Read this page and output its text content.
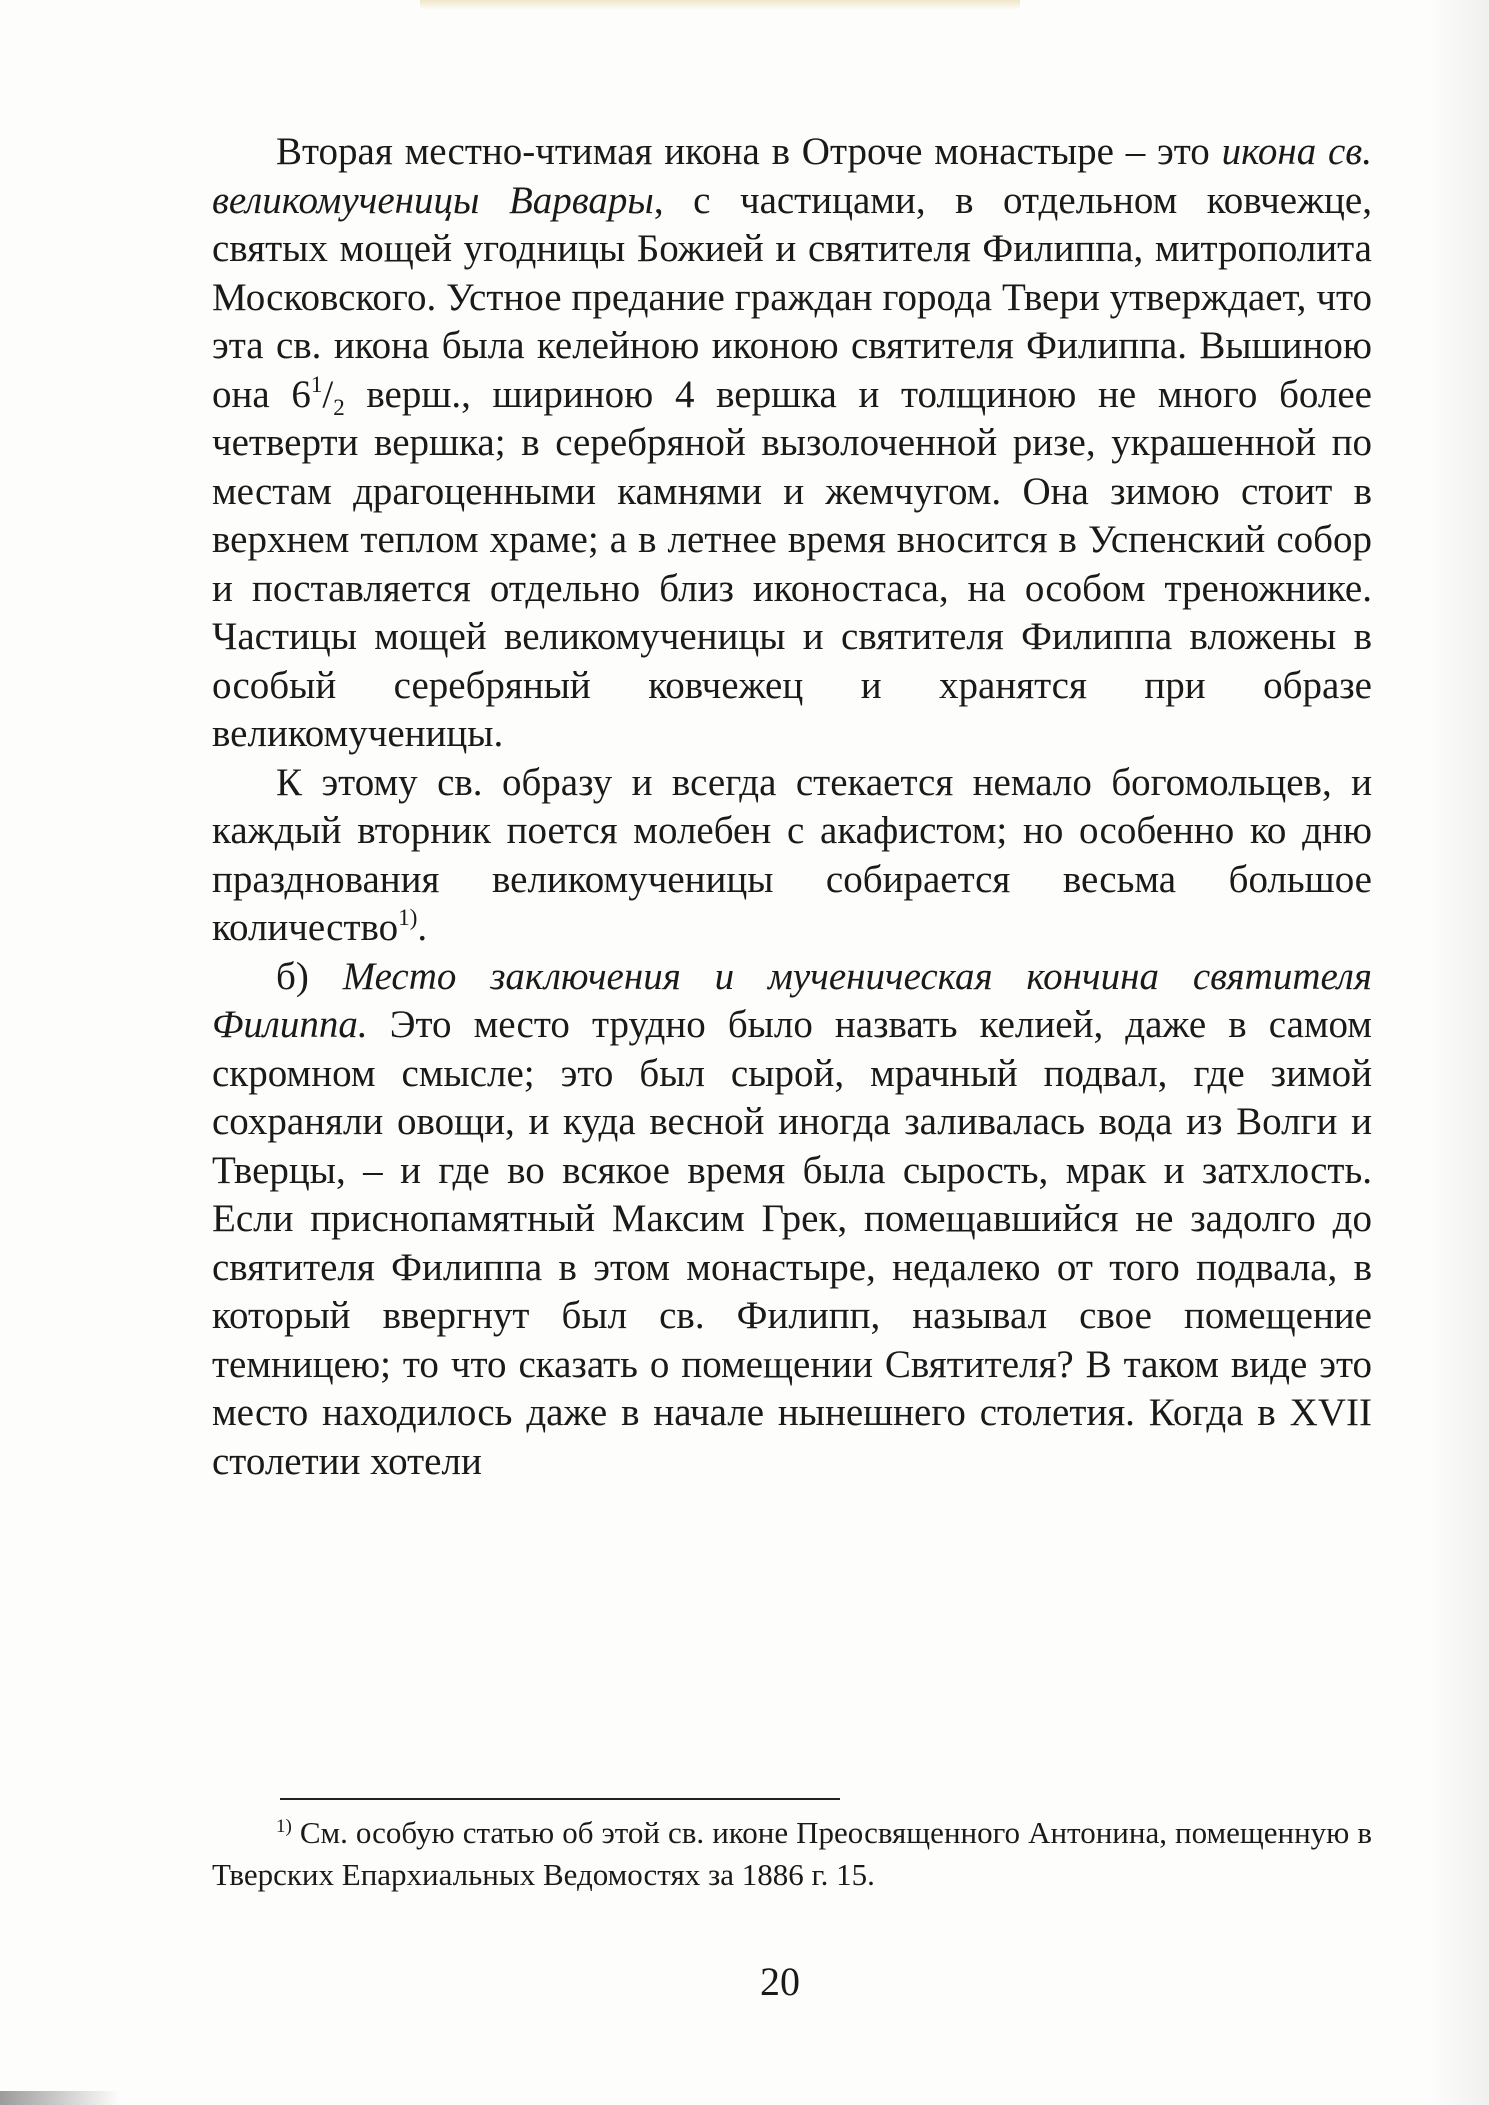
Вторая местно-чтимая икона в Отроче монастыре – это икона св. великомученицы Варвары, с частицами, в отдельном ковчежце, святых мощей угодницы Божией и святителя Филиппа, митрополита Московского. Устное предание граждан города Твери утверждает, что эта св. икона была келейною иконою святителя Филиппа. Вышиною она $6^1/_2$ верш., шириною 4 вершка и толщиною не много более четверти вершка; в серебряной вызолоченной ризе, украшенной по местам драгоценными камнями и жемчугом. Она зимою стоит в верхнем теплом храме; а в летнее время вносится в Успенский собор и поставляется отдельно близ иконостаса, на особом треножнике. Частицы мощей великомученицы и святителя Филиппа вложены в особый серебряный ковчежец и хранятся при образе великомученицы.

К этому св. образу и всегда стекается немало богомольцев, и каждый вторник поется молебен с акафистом; но особенно ко дню празднования великомученицы собирается весьма большое количество$^{1)}$.

б) Место заключения и мученическая кончина святителя Филиппа. Это место трудно было назвать келией, даже в самом скромном смысле; это был сырой, мрачный подвал, где зимой сохраняли овощи, и куда весной иногда заливалась вода из Волги и Тверцы, – и где во всякое время была сырость, мрак и затхлость. Если приснопамятный Максим Грек, помещавшийся не задолго до святителя Филиппа в этом монастыре, недалеко от того подвала, в который ввергнут был св. Филипп, называл свое помещение темницею; то что сказать о помещении Святителя? В таком виде это место находилось даже в начале нынешнего столетия. Когда в XVII столетии хотели

$^{1)}$ См. особую статью об этой св. иконе Преосвященного Антонина, помещенную в Тверских Епархиальных Ведомостях за 1886 г. 15.

20
